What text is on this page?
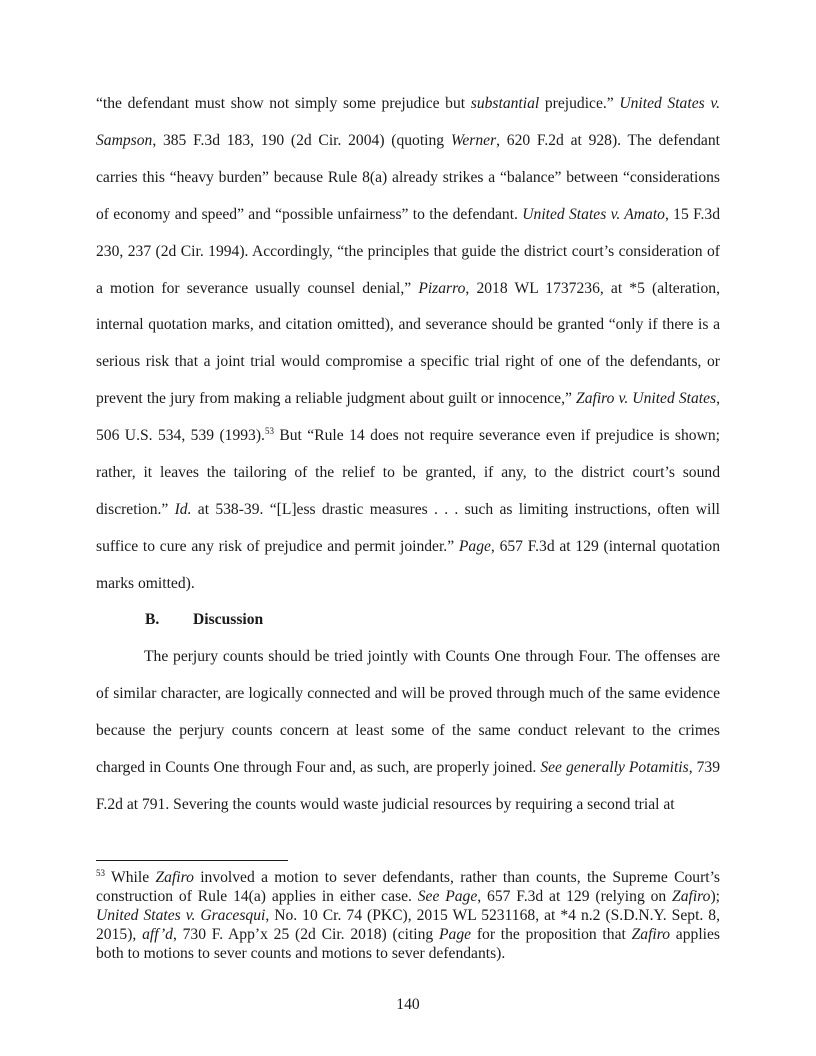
“the defendant must show not simply some prejudice but substantial prejudice.” United States v. Sampson, 385 F.3d 183, 190 (2d Cir. 2004) (quoting Werner, 620 F.2d at 928). The defendant carries this “heavy burden” because Rule 8(a) already strikes a “balance” between “considerations of economy and speed” and “possible unfairness” to the defendant. United States v. Amato, 15 F.3d 230, 237 (2d Cir. 1994). Accordingly, “the principles that guide the district court’s consideration of a motion for severance usually counsel denial,” Pizarro, 2018 WL 1737236, at *5 (alteration, internal quotation marks, and citation omitted), and severance should be granted “only if there is a serious risk that a joint trial would compromise a specific trial right of one of the defendants, or prevent the jury from making a reliable judgment about guilt or innocence,” Zafiro v. United States, 506 U.S. 534, 539 (1993).$^{53}$ But “Rule 14 does not require severance even if prejudice is shown; rather, it leaves the tailoring of the relief to be granted, if any, to the district court’s sound discretion.” Id. at 538-39. “[L]ess drastic measures . . . such as limiting instructions, often will suffice to cure any risk of prejudice and permit joinder.” Page, 657 F.3d at 129 (internal quotation marks omitted).

B. Discussion

The perjury counts should be tried jointly with Counts One through Four. The offenses are of similar character, are logically connected and will be proved through much of the same evidence because the perjury counts concern at least some of the same conduct relevant to the crimes charged in Counts One through Four and, as such, are properly joined. See generally Potamitis, 739 F.2d at 791. Severing the counts would waste judicial resources by requiring a second trial at

$^{53}$ While Zafiro involved a motion to sever defendants, rather than counts, the Supreme Court’s construction of Rule 14(a) applies in either case. See Page, 657 F.3d at 129 (relying on Zafiro); United States v. Gracesqui, No. 10 Cr. 74 (PKC), 2015 WL 5231168, at *4 n.2 (S.D.N.Y. Sept. 8, 2015), aff’d, 730 F. App’x 25 (2d Cir. 2018) (citing Page for the proposition that Zafiro applies both to motions to sever counts and motions to sever defendants).

140
